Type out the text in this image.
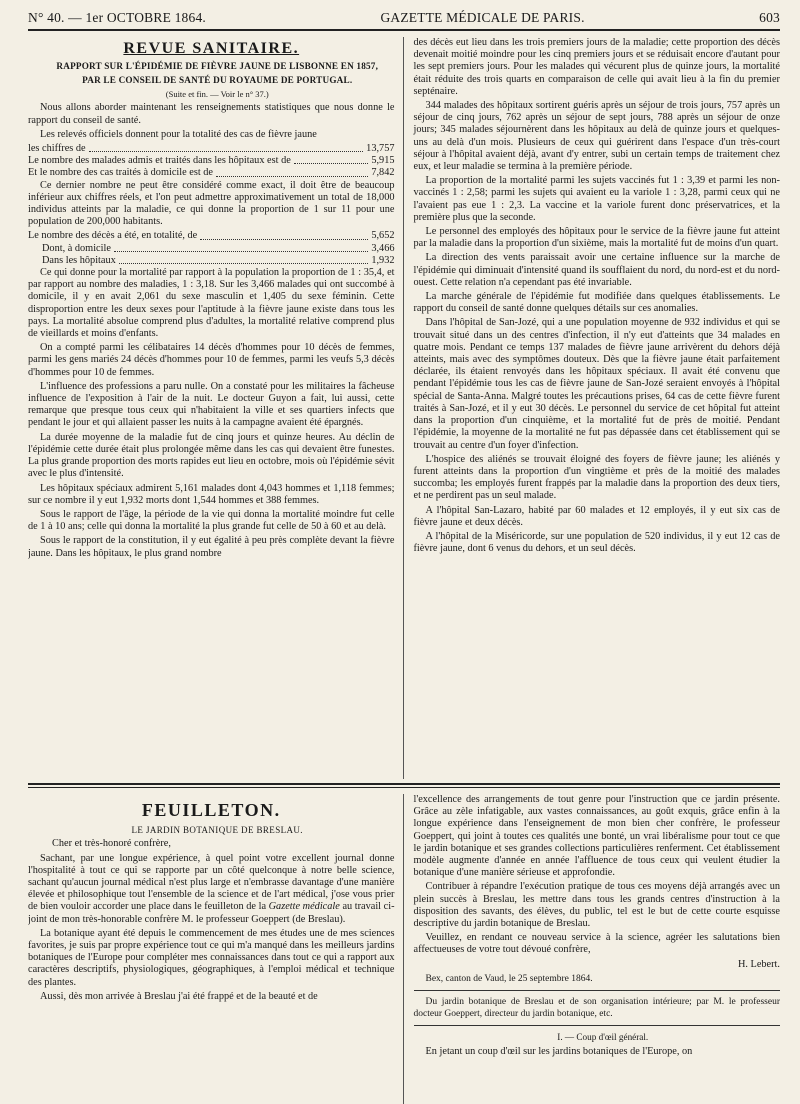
N° 40. — 1er OCTOBRE 1864.	GAZETTE MÉDICALE DE PARIS.	603
REVUE SANITAIRE.

RAPPORT SUR L'ÉPIDÉMIE DE FIÈVRE JAUNE DE LISBONNE EN 1857,

PAR LE CONSEIL DE SANTÉ DU ROYAUME DE PORTUGAL.

(Suite et fin. — Voir le n° 37.)

Nous allons aborder maintenant les renseignements statistiques que nous donne le rapport du conseil de santé.

Les relevés officiels donnent pour la totalité des cas de fièvre jaune

les chiffres de	13,757
Le nombre des malades admis et traités dans les hôpitaux est de	5,915
Et le nombre des cas traités à domicile est de	7,842

Ce dernier nombre ne peut être considéré comme exact, il doit être de beaucoup inférieur aux chiffres réels, et l'on peut admettre approximativement un total de 18,000 individus atteints par la maladie, ce qui donne la proportion de 1 sur 11 pour une population de 200,000 habitants.

Le nombre des décès a été, en totalité, de	5,652
Dont, à domicile	3,466
Dans les hôpitaux	1,932

Ce qui donne pour la mortalité par rapport à la population la proportion de 1 : 35,4, et par rapport au nombre des maladies, 1 : 3,18. Sur les 3,466 malades qui ont succombé à domicile, il y en avait 2,061 du sexe masculin et 1,405 du sexe féminin. Cette disproportion entre les deux sexes pour l'aptitude à la fièvre jaune existe dans tous les pays. La mortalité absolue comprend plus d'adultes, la mortalité relative comprend plus de vieillards et moins d'enfants.

On a compté parmi les célibataires 14 décès d'hommes pour 10 décès de femmes, parmi les gens mariés 24 décès d'hommes pour 10 de femmes, parmi les veufs 5,3 décès d'hommes pour 10 de femmes.

L'influence des professions a paru nulle. On a constaté pour les militaires la fâcheuse influence de l'exposition à l'air de la nuit. Le docteur Guyon a fait, lui aussi, cette remarque que presque tous ceux qui n'habitaient la ville et ses quartiers infects que pendant le jour et qui allaient passer les nuits à la campagne avaient été épargnés.

La durée moyenne de la maladie fut de cinq jours et quinze heures. Au déclin de l'épidémie cette durée était plus prolongée même dans les cas qui devaient être funestes. La plus grande proportion des morts rapides eut lieu en octobre, mois où l'épidémie sévit avec le plus d'intensité.

Les hôpitaux spéciaux admirent 5,161 malades dont 4,043 hommes et 1,118 femmes; sur ce nombre il y eut 1,932 morts dont 1,544 hommes et 388 femmes.

Sous le rapport de l'âge, la période de la vie qui donna la mortalité moindre fut celle de 1 à 10 ans; celle qui donna la mortalité la plus grande fut celle de 50 à 60 et au delà.

Sous le rapport de la constitution, il y eut égalité à peu près complète devant la fièvre jaune. Dans les hôpitaux, le plus grand nombre

des décès eut lieu dans les trois premiers jours de la maladie; cette proportion des décès devenait moitié moindre pour les cinq premiers jours et se réduisait encore d'autant pour les sept premiers jours. Pour les malades qui vécurent plus de quinze jours, la mortalité était réduite des trois quarts en comparaison de celle qui avait lieu à la fin du premier septénaire.

344 malades des hôpitaux sortirent guéris après un séjour de trois jours, 757 après un séjour de cinq jours, 762 après un séjour de sept jours, 788 après un séjour de onze jours; 345 malades séjournèrent dans les hôpitaux au delà de quinze jours et quelques-uns au delà d'un mois. Plusieurs de ceux qui guérirent dans l'espace d'un très-court séjour à l'hôpital avaient déjà, avant d'y entrer, subi un certain temps de traitement chez eux, et leur maladie se termina à la première période.

La proportion de la mortalité parmi les sujets vaccinés fut 1 : 3,39 et parmi les non-vaccinés 1 : 2,58; parmi les sujets qui avaient eu la variole 1 : 3,28, parmi ceux qui ne l'avaient pas eue 1 : 2,3. La vaccine et la variole furent donc préservatrices, et la première plus que la seconde.

Le personnel des employés des hôpitaux pour le service de la fièvre jaune fut atteint par la maladie dans la proportion d'un sixième, mais la mortalité fut de moins d'un quart.

La direction des vents paraissait avoir une certaine influence sur la marche de l'épidémie qui diminuait d'intensité quand ils soufflaient du nord, du nord-est et du nord-ouest. Cette relation n'a cependant pas été invariable.

La marche générale de l'épidémie fut modifiée dans quelques établissements. Le rapport du conseil de santé donne quelques détails sur ces anomalies.

Dans l'hôpital de San-Jozé, qui a une population moyenne de 932 individus et qui se trouvait situé dans un des centres d'infection, il n'y eut d'atteints que 34 malades en quatre mois. Pendant ce temps 137 malades de fièvre jaune arrivèrent du dehors déjà atteints, mais avec des symptômes douteux. Dès que la fièvre jaune était parfaitement déclarée, ils étaient renvoyés dans les hôpitaux spéciaux. Il avait été convenu que pendant l'épidémie tous les cas de fièvre jaune de San-Jozé seraient envoyés à l'hôpital spécial de Santa-Anna. Malgré toutes les précautions prises, 64 cas de cette fièvre furent traités à San-Jozé, et il y eut 30 décès. Le personnel du service de cet hôpital fut atteint dans la proportion d'un cinquième, et la mortalité fut de près de moitié. Pendant l'épidémie, la moyenne de la mortalité ne fut pas dépassée dans cet établissement qui se trouvait au centre d'un foyer d'infection.

L'hospice des aliénés se trouvait éloigné des foyers de fièvre jaune; les aliénés y furent atteints dans la proportion d'un vingtième et près de la moitié des malades succomba; les employés furent frappés par la maladie dans la proportion des deux tiers, et ne perdirent pas un seul malade.

A l'hôpital San-Lazaro, habité par 60 malades et 12 employés, il y eut six cas de fièvre jaune et deux décès.

A l'hôpital de la Miséricorde, sur une population de 520 individus, il y eut 12 cas de fièvre jaune, dont 6 venus du dehors, et un seul décès.

FEUILLETON.

LE JARDIN BOTANIQUE DE BRESLAU.

Cher et très-honoré confrère,

Sachant, par une longue expérience, à quel point votre excellent journal donne l'hospitalité à tout ce qui se rapporte par un côté quelconque à notre belle science, sachant qu'aucun journal médical n'est plus large et n'embrasse davantage d'une manière élevée et philosophique tout l'ensemble de la science et de l'art médical, j'ose vous prier de bien vouloir accorder une place dans le feuilleton de la Gazette médicale au travail ci-joint de mon très-honorable confrère M. le professeur Goeppert (de Breslau).

La botanique ayant été depuis le commencement de mes études une de mes sciences favorites, je suis par propre expérience tout ce qui m'a manqué dans les meilleurs jardins botaniques de l'Europe pour compléter mes connaissances dans tout ce qui a rapport aux caractères descriptifs, physiologiques, géographiques, à l'emploi médical et technique des plantes.

Aussi, dès mon arrivée à Breslau j'ai été frappé et de la beauté et de

l'excellence des arrangements de tout genre pour l'instruction que ce jardin présente. Grâce au zèle infatigable, aux vastes connaissances, au goût exquis, grâce enfin à la longue expérience dans l'enseignement de mon bien cher confrère, le professeur Goeppert, qui joint à toutes ces qualités une bonté, un vrai libéralisme pour tout ce que le jardin botanique et ses grandes collections particulières renferment. Cet établissement modèle augmente d'année en année l'affluence de tous ceux qui veulent étudier la botanique d'une manière sérieuse et approfondie.

Contribuer à répandre l'exécution pratique de tous ces moyens déjà arrangés avec un plein succès à Breslau, les mettre dans tous les grands centres d'instruction à la disposition des savants, des élèves, du public, tel est le but de cette courte esquisse descriptive du jardin botanique de Breslau.

Veuillez, en rendant ce nouveau service à la science, agréer les salutations bien affectueuses de votre tout dévoué confrère,

H. Lebert.

Bex, canton de Vaud, le 25 septembre 1864.

Du jardin botanique de Breslau et de son organisation intérieure; par M. le professeur docteur Goeppert, directeur du jardin botanique, etc.

I. — Coup d'œil général.

En jetant un coup d'œil sur les jardins botaniques de l'Europe, on
